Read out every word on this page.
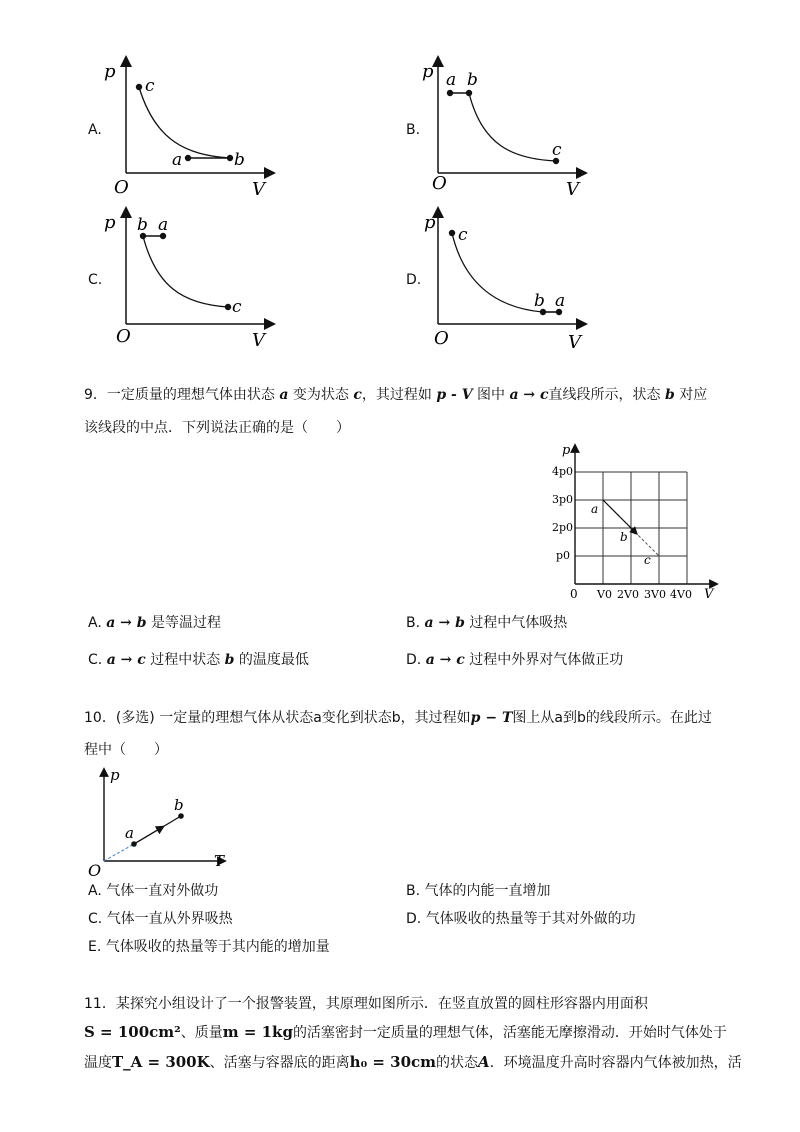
A.
p
V
O
c
a	b
B.
p
V
O
a b
c
C.
p
V
O
b a
c
D.
p
V
O
c
b a
9．一定质量的理想气体由状态 a 变为状态 c，其过程如 p - V 图中 a → c直线段所示，状态 b 对应
该线段的中点．下列说法正确的是（　　）
p
V
0
p0
2p0
3p0
4p0
V0 2V0 3V0 4V0
a
b
c
A. a → b 是等温过程	B. a → b 过程中气体吸热
C. a → c 过程中状态 b 的温度最低	D. a → c 过程中外界对气体做正功
10．(多选) 一定量的理想气体从状态a变化到状态b，其过程如p − T图上从a到b的线段所示。在此过
程中（　　）
p
T
O
a
b
A. 气体一直对外做功	B. 气体的内能一直增加
C. 气体一直从外界吸热	D. 气体吸收的热量等于其对外做的功
E. 气体吸收的热量等于其内能的增加量
11．某探究小组设计了一个报警装置，其原理如图所示．在竖直放置的圆柱形容器内用面积
S = 100cm²、质量m = 1kg的活塞密封一定质量的理想气体，活塞能无摩擦滑动．开始时气体处于
温度T_A = 300K、活塞与容器底的距离h₀ = 30cm的状态A．环境温度升高时容器内气体被加热，活
